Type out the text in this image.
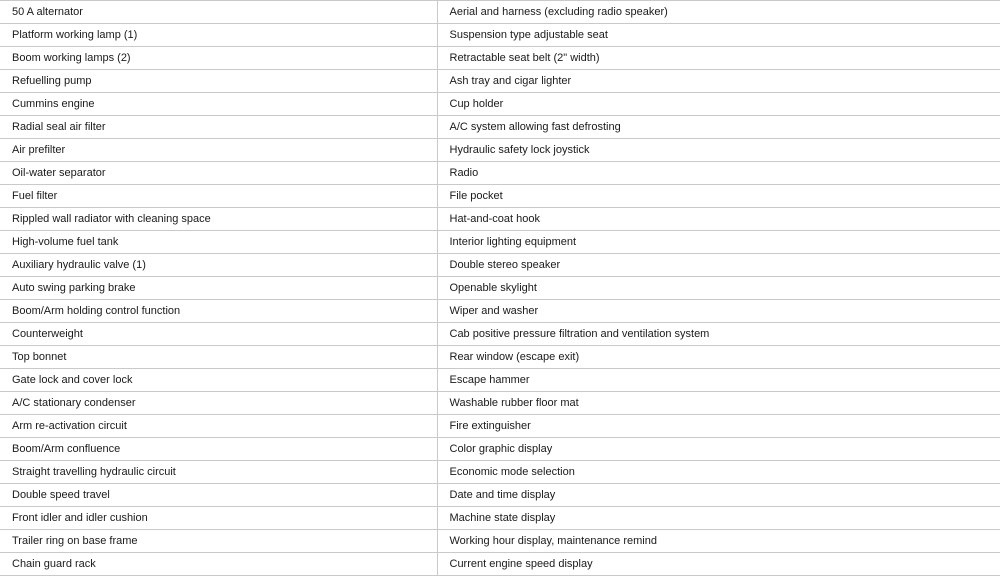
50 A alternator	Aerial and harness (excluding radio speaker)
Platform working lamp (1)	Suspension type adjustable seat
Boom working lamps (2)	Retractable seat belt (2" width)
Refuelling pump	Ash tray and cigar lighter
Cummins engine	Cup holder
Radial seal air filter	A/C system allowing fast defrosting
Air prefilter	Hydraulic safety lock joystick
Oil-water separator	Radio
Fuel filter	File pocket
Rippled wall radiator with cleaning space	Hat-and-coat hook
High-volume fuel tank	Interior lighting equipment
Auxiliary hydraulic valve (1)	Double stereo speaker
Auto swing parking brake	Openable skylight
Boom/Arm holding control function	Wiper and washer
Counterweight	Cab positive pressure filtration and ventilation system
Top bonnet	Rear window (escape exit)
Gate lock and cover lock	Escape hammer
A/C stationary condenser	Washable rubber floor mat
Arm re-activation circuit	Fire extinguisher
Boom/Arm confluence	Color graphic display
Straight travelling hydraulic circuit	Economic mode selection
Double speed travel	Date and time display
Front idler and idler cushion	Machine state display
Trailer ring on base frame	Working hour display, maintenance remind
Chain guard rack	Current engine speed display
